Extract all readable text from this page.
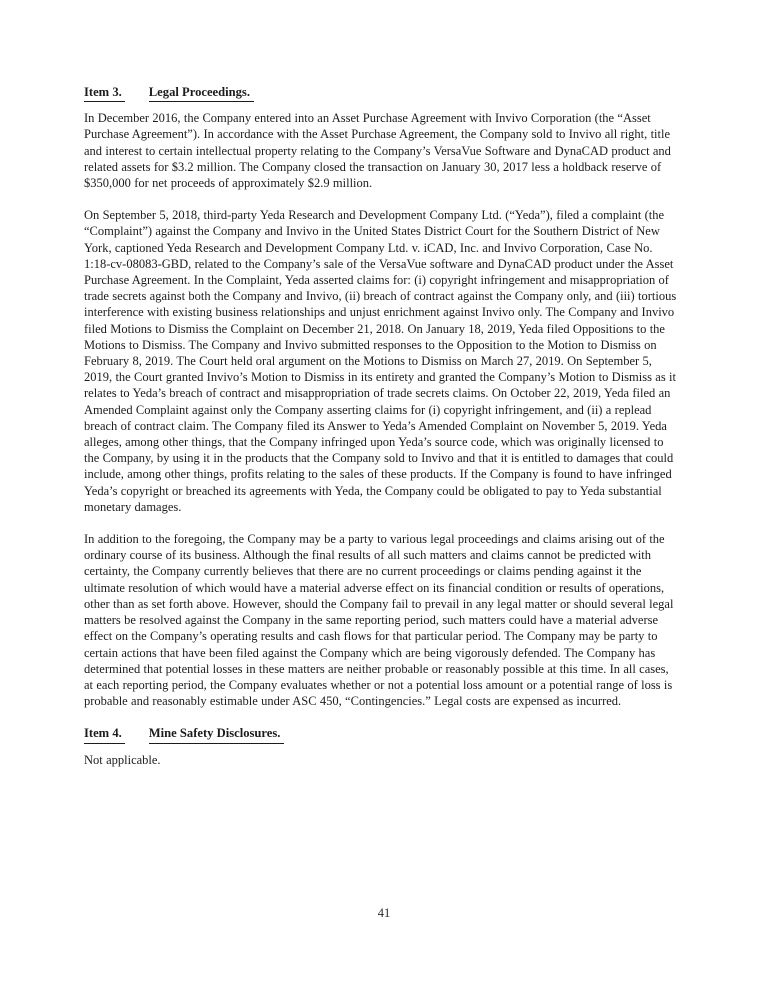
Item 3. Legal Proceedings.

In December 2016, the Company entered into an Asset Purchase Agreement with Invivo Corporation (the “Asset Purchase Agreement”). In accordance with the Asset Purchase Agreement, the Company sold to Invivo all right, title and interest to certain intellectual property relating to the Company’s VersaVue Software and DynaCAD product and related assets for $3.2 million. The Company closed the transaction on January 30, 2017 less a holdback reserve of $350,000 for net proceeds of approximately $2.9 million.

On September 5, 2018, third-party Yeda Research and Development Company Ltd. (“Yeda”), filed a complaint (the “Complaint”) against the Company and Invivo in the United States District Court for the Southern District of New York, captioned Yeda Research and Development Company Ltd. v. iCAD, Inc. and Invivo Corporation, Case No. 1:18-cv-08083-GBD, related to the Company’s sale of the VersaVue software and DynaCAD product under the Asset Purchase Agreement. In the Complaint, Yeda asserted claims for: (i) copyright infringement and misappropriation of trade secrets against both the Company and Invivo, (ii) breach of contract against the Company only, and (iii) tortious interference with existing business relationships and unjust enrichment against Invivo only. The Company and Invivo filed Motions to Dismiss the Complaint on December 21, 2018. On January 18, 2019, Yeda filed Oppositions to the Motions to Dismiss. The Company and Invivo submitted responses to the Opposition to the Motion to Dismiss on February 8, 2019. The Court held oral argument on the Motions to Dismiss on March 27, 2019. On September 5, 2019, the Court granted Invivo’s Motion to Dismiss in its entirety and granted the Company’s Motion to Dismiss as it relates to Yeda’s breach of contract and misappropriation of trade secrets claims. On October 22, 2019, Yeda filed an Amended Complaint against only the Company asserting claims for (i) copyright infringement, and (ii) a replead breach of contract claim. The Company filed its Answer to Yeda’s Amended Complaint on November 5, 2019. Yeda alleges, among other things, that the Company infringed upon Yeda’s source code, which was originally licensed to the Company, by using it in the products that the Company sold to Invivo and that it is entitled to damages that could include, among other things, profits relating to the sales of these products. If the Company is found to have infringed Yeda’s copyright or breached its agreements with Yeda, the Company could be obligated to pay to Yeda substantial monetary damages.

In addition to the foregoing, the Company may be a party to various legal proceedings and claims arising out of the ordinary course of its business. Although the final results of all such matters and claims cannot be predicted with certainty, the Company currently believes that there are no current proceedings or claims pending against it the ultimate resolution of which would have a material adverse effect on its financial condition or results of operations, other than as set forth above. However, should the Company fail to prevail in any legal matter or should several legal matters be resolved against the Company in the same reporting period, such matters could have a material adverse effect on the Company’s operating results and cash flows for that particular period. The Company may be party to certain actions that have been filed against the Company which are being vigorously defended. The Company has determined that potential losses in these matters are neither probable or reasonably possible at this time. In all cases, at each reporting period, the Company evaluates whether or not a potential loss amount or a potential range of loss is probable and reasonably estimable under ASC 450, “Contingencies.” Legal costs are expensed as incurred.

Item 4. Mine Safety Disclosures.

Not applicable.

41
